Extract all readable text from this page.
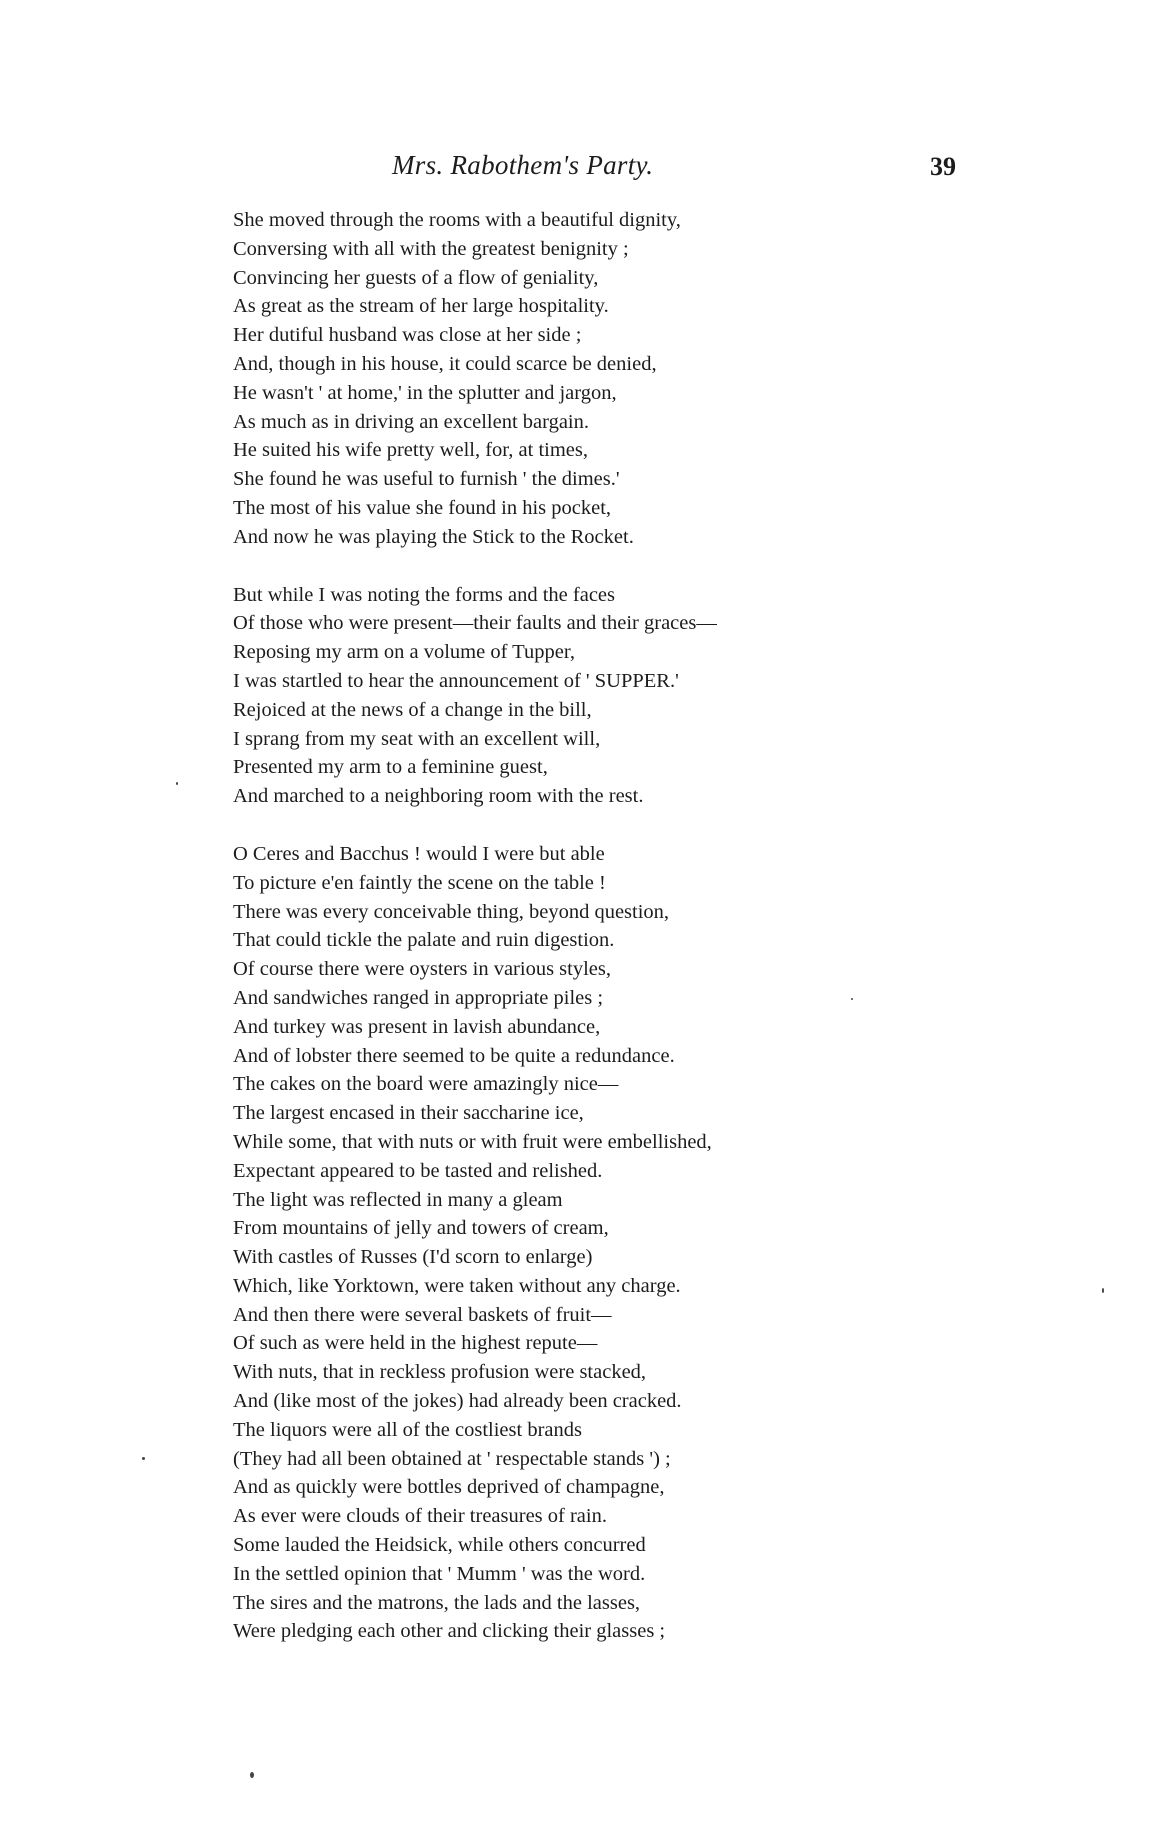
Mrs. Rabothem's Party.	39
She moved through the rooms with a beautiful dignity,
Conversing with all with the greatest benignity ;
Convincing her guests of a flow of geniality,
As great as the stream of her large hospitality.
Her dutiful husband was close at her side ;
And, though in his house, it could scarce be denied,
He wasn't ' at home,' in the splutter and jargon,
As much as in driving an excellent bargain.
He suited his wife pretty well, for, at times,
She found he was useful to furnish ' the dimes.'
The most of his value she found in his pocket,
And now he was playing the Stick to the Rocket.
But while I was noting the forms and the faces
Of those who were present—their faults and their graces—
Reposing my arm on a volume of Tupper,
I was startled to hear the announcement of ' SUPPER.'
Rejoiced at the news of a change in the bill,
I sprang from my seat with an excellent will,
Presented my arm to a feminine guest,
And marched to a neighboring room with the rest.
O Ceres and Bacchus ! would I were but able
To picture e'en faintly the scene on the table !
There was every conceivable thing, beyond question,
That could tickle the palate and ruin digestion.
Of course there were oysters in various styles,
And sandwiches ranged in appropriate piles ;
And turkey was present in lavish abundance,
And of lobster there seemed to be quite a redundance.
The cakes on the board were amazingly nice—
The largest encased in their saccharine ice,
While some, that with nuts or with fruit were embellished,
Expectant appeared to be tasted and relished.
The light was reflected in many a gleam
From mountains of jelly and towers of cream,
With castles of Russes (I'd scorn to enlarge)
Which, like Yorktown, were taken without any charge.
And then there were several baskets of fruit—
Of such as were held in the highest repute—
With nuts, that in reckless profusion were stacked,
And (like most of the jokes) had already been cracked.
The liquors were all of the costliest brands
(They had all been obtained at ' respectable stands ') ;
And as quickly were bottles deprived of champagne,
As ever were clouds of their treasures of rain.
Some lauded the Heidsick, while others concurred
In the settled opinion that ' Mumm ' was the word.
The sires and the matrons, the lads and the lasses,
Were pledging each other and clicking their glasses ;
